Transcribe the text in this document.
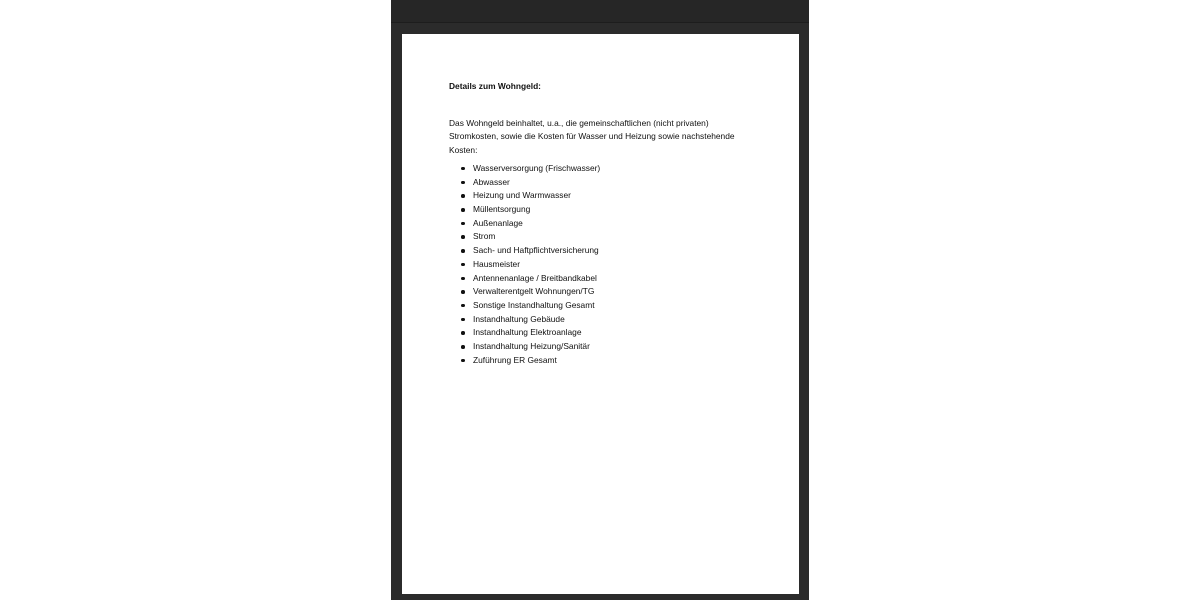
Details zum Wohngeld:

Das Wohngeld beinhaltet, u.a., die gemeinschaftlichen (nicht privaten) Stromkosten, sowie die Kosten für Wasser und Heizung sowie nachstehende Kosten:

Wasserversorgung (Frischwasser)
Abwasser
Heizung und Warmwasser
Müllentsorgung
Außenanlage
Strom
Sach- und Haftpflichtversicherung
Hausmeister
Antennenanlage / Breitbandkabel
Verwalterentgelt Wohnungen/TG
Sonstige Instandhaltung Gesamt
Instandhaltung Gebäude
Instandhaltung Elektroanlage
Instandhaltung Heizung/Sanitär
Zuführung ER Gesamt
